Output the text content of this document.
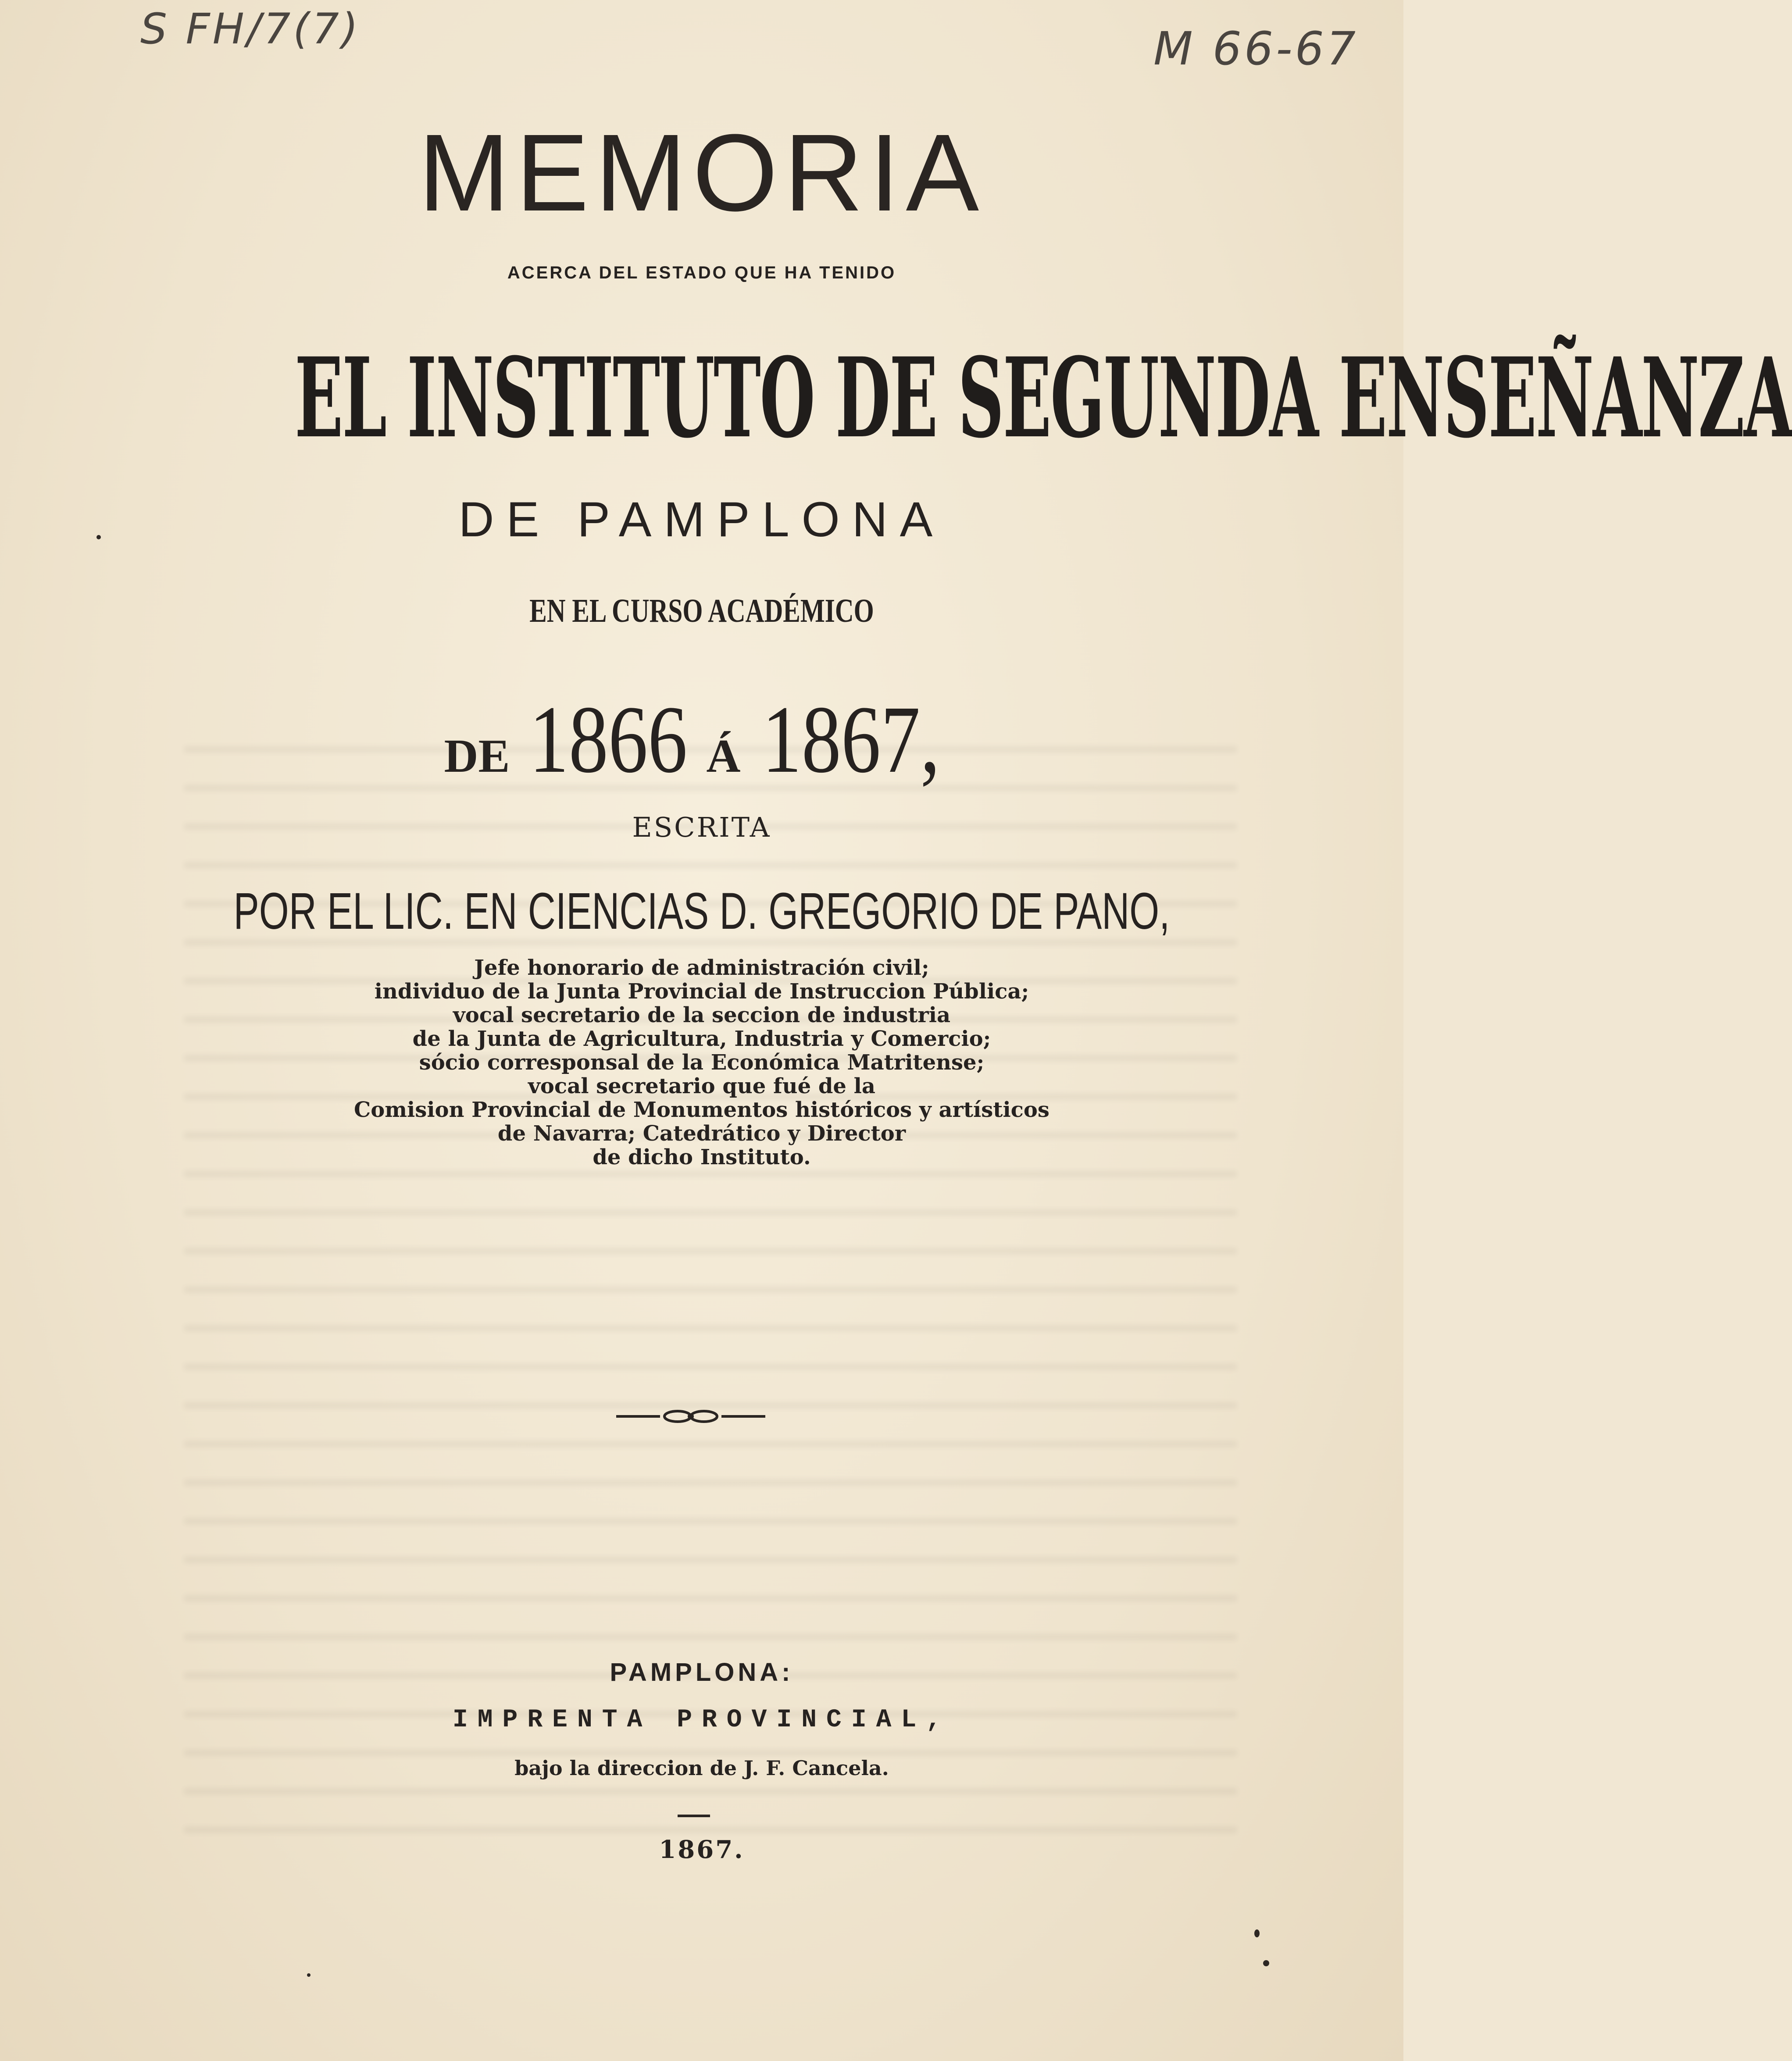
S FH/7(7)	M 66-67
MEMORIA
ACERCA DEL ESTADO QUE HA TENIDO
EL INSTITUTO DE SEGUNDA ENSEÑANZA
DE PAMPLONA
EN EL CURSO ACADÉMICO
DE 1866 Á 1867,
ESCRITA
POR EL LIC. EN CIENCIAS D. GREGORIO DE PANO,
Jefe honorario de administración civil;
individuo de la Junta Provincial de Instruccion Pública;
vocal secretario de la seccion de industria
de la Junta de Agricultura, Industria y Comercio;
sócio corresponsal de la Económica Matritense;
vocal secretario que fué de la
Comision Provincial de Monumentos históricos y artísticos
de Navarra; Catedrático y Director
de dicho Instituto.
PAMPLONA:
IMPRENTA PROVINCIAL,
bajo la direccion de J. F. Cancela.
1867.
